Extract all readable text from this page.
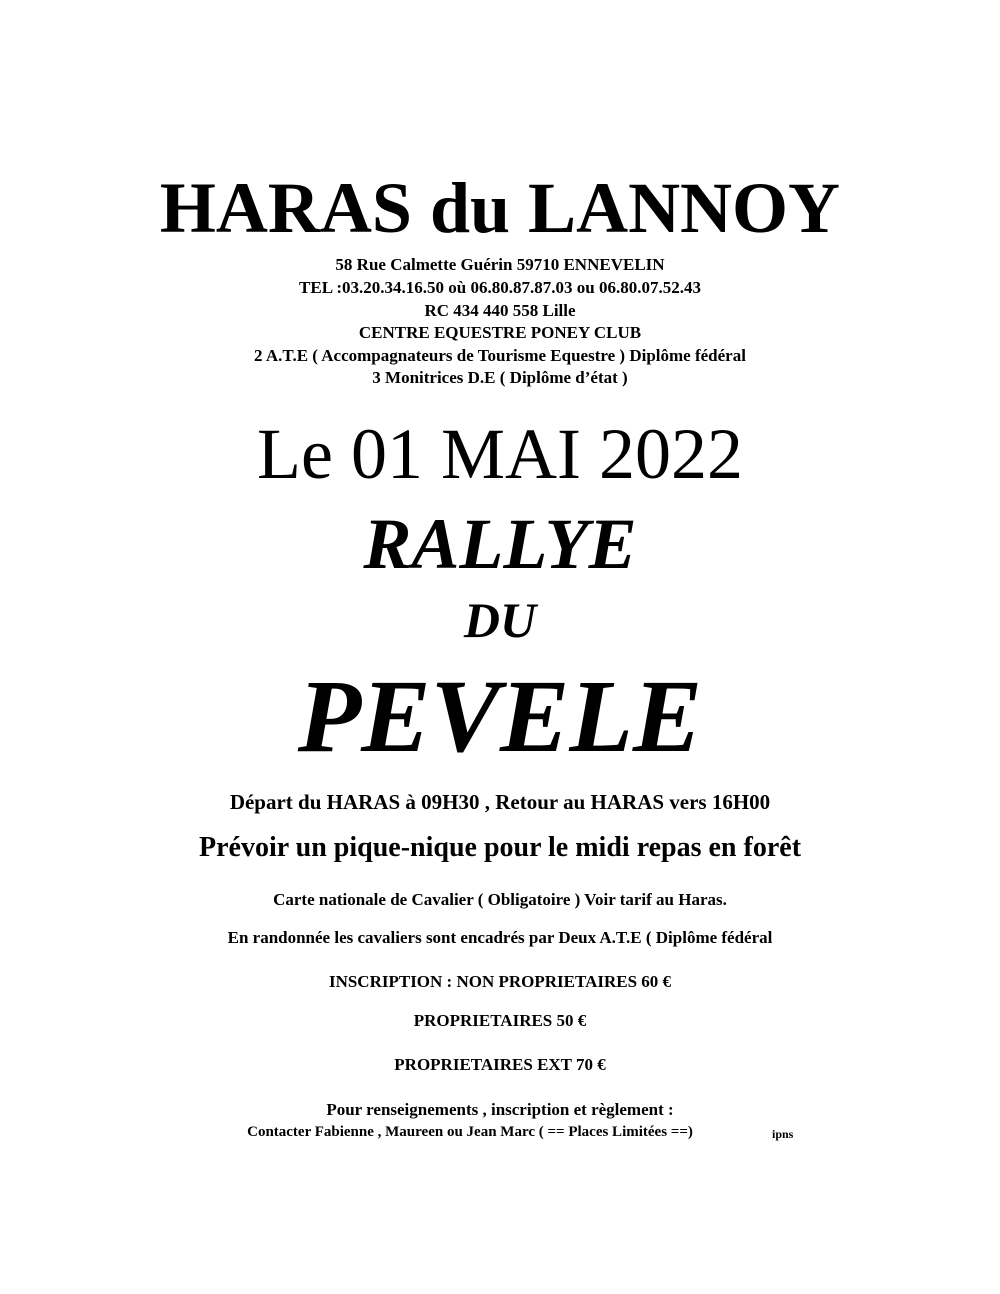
HARAS du LANNOY
58 Rue Calmette Guérin 59710 ENNEVELIN
TEL :03.20.34.16.50 où 06.80.87.87.03 ou 06.80.07.52.43
RC 434 440 558 Lille
CENTRE EQUESTRE PONEY CLUB
2 A.T.E ( Accompagnateurs de Tourisme Equestre ) Diplôme fédéral
3 Monitrices D.E ( Diplôme d’état )
Le 01 MAI 2022
RALLYE
DU
PEVELE
Départ du HARAS à 09H30 , Retour au HARAS vers 16H00
Prévoir un pique-nique pour le midi repas en forêt
Carte nationale de Cavalier ( Obligatoire ) Voir tarif au Haras.
En randonnée les cavaliers sont encadrés par Deux A.T.E ( Diplôme fédéral
INSCRIPTION : NON PROPRIETAIRES 60 €
PROPRIETAIRES 50 €
PROPRIETAIRES EXT 70 €
Pour renseignements , inscription et règlement :
Contacter Fabienne , Maureen ou Jean Marc ( == Places Limitées ==)	ipns
